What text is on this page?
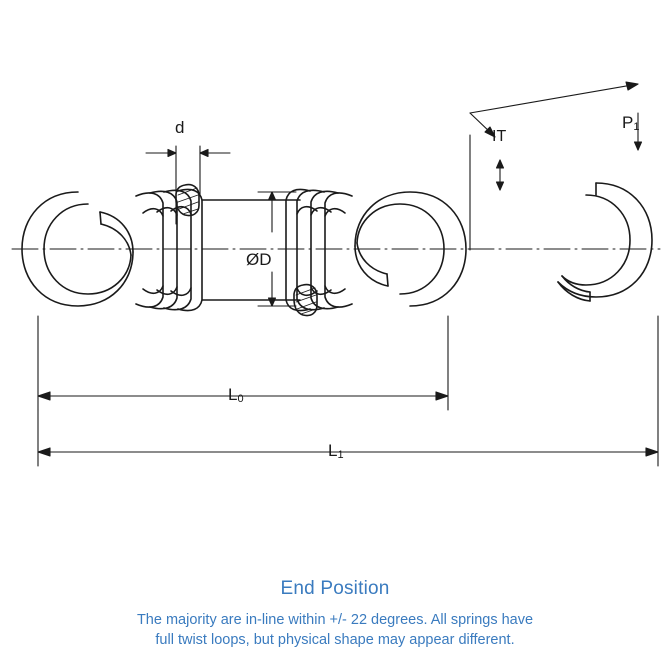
d
ØD
L0
L1
IT
P1
End Position
The majority are in-line within +/- 22 degrees. All springs have
full twist loops, but physical shape may appear different.
